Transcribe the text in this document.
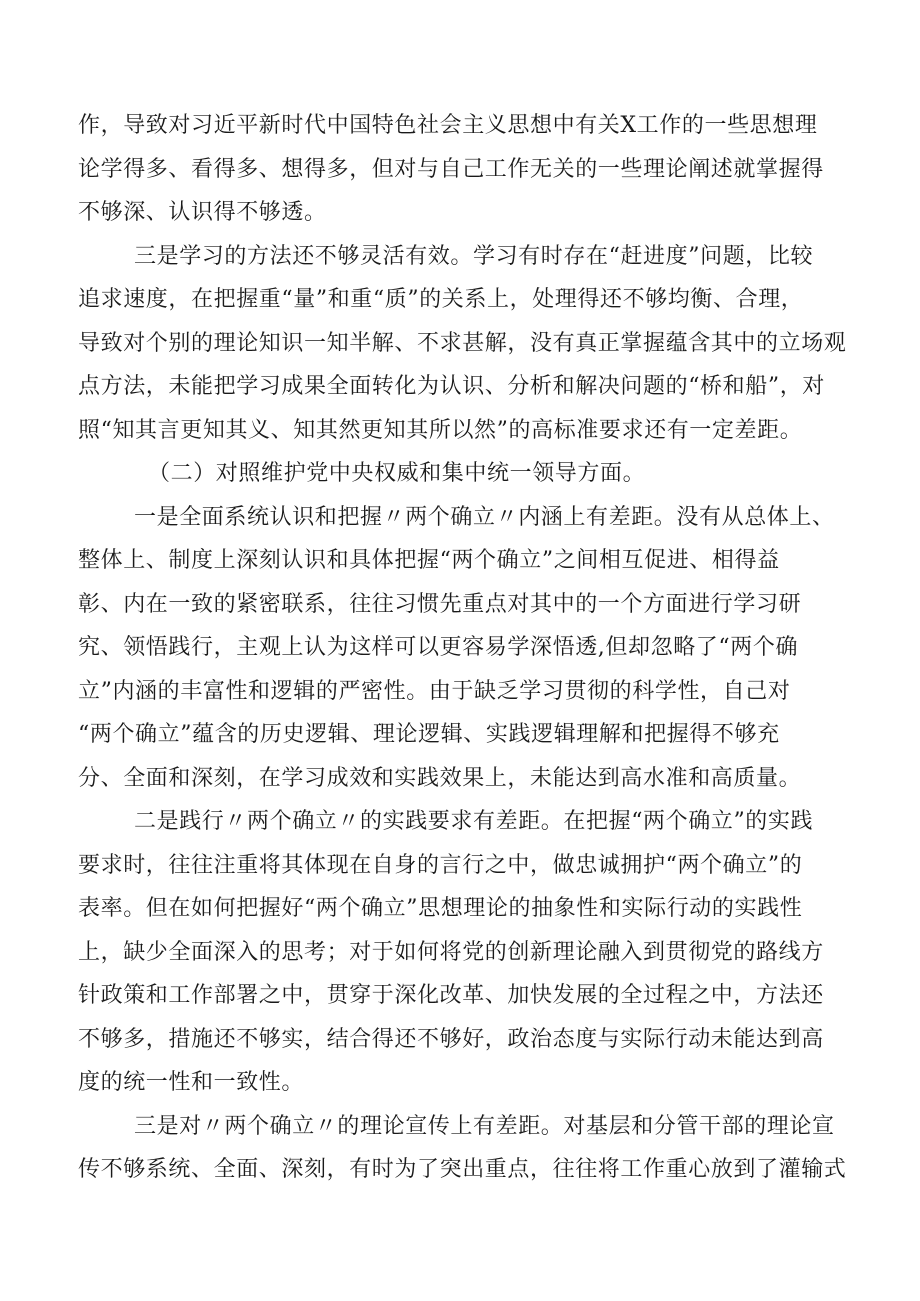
作，导致对习近平新时代中国特色社会主义思想中有关X工作的一些思想理
论学得多、看得多、想得多，但对与自己工作无关的一些理论阐述就掌握得
不够深、认识得不够透。
三是学习的方法还不够灵活有效。学习有时存在“赶进度”问题，比较
追求速度，在把握重“量”和重“质”的关系上，处理得还不够均衡、合理，
导致对个别的理论知识一知半解、不求甚解，没有真正掌握蕴含其中的立场观
点方法，未能把学习成果全面转化为认识、分析和解决问题的“桥和船”，对
照“知其言更知其义、知其然更知其所以然”的高标准要求还有一定差距。
（二）对照维护党中央权威和集中统一领导方面。
一是全面系统认识和把握〃两个确立〃内涵上有差距。没有从总体上、
整体上、制度上深刻认识和具体把握“两个确立”之间相互促进、相得益
彰、内在一致的紧密联系，往往习惯先重点对其中的一个方面进行学习研
究、领悟践行，主观上认为这样可以更容易学深悟透,但却忽略了“两个确
立”内涵的丰富性和逻辑的严密性。由于缺乏学习贯彻的科学性，自己对
“两个确立”蕴含的历史逻辑、理论逻辑、实践逻辑理解和把握得不够充
分、全面和深刻，在学习成效和实践效果上，未能达到高水准和高质量。
二是践行〃两个确立〃的实践要求有差距。在把握“两个确立”的实践
要求时，往往注重将其体现在自身的言行之中，做忠诚拥护“两个确立”的
表率。但在如何把握好“两个确立”思想理论的抽象性和实际行动的实践性
上，缺少全面深入的思考；对于如何将党的创新理论融入到贯彻党的路线方
针政策和工作部署之中，贯穿于深化改革、加快发展的全过程之中，方法还
不够多，措施还不够实，结合得还不够好，政治态度与实际行动未能达到高
度的统一性和一致性。
三是对〃两个确立〃的理论宣传上有差距。对基层和分管干部的理论宣
传不够系统、全面、深刻，有时为了突出重点，往往将工作重心放到了灌输式
